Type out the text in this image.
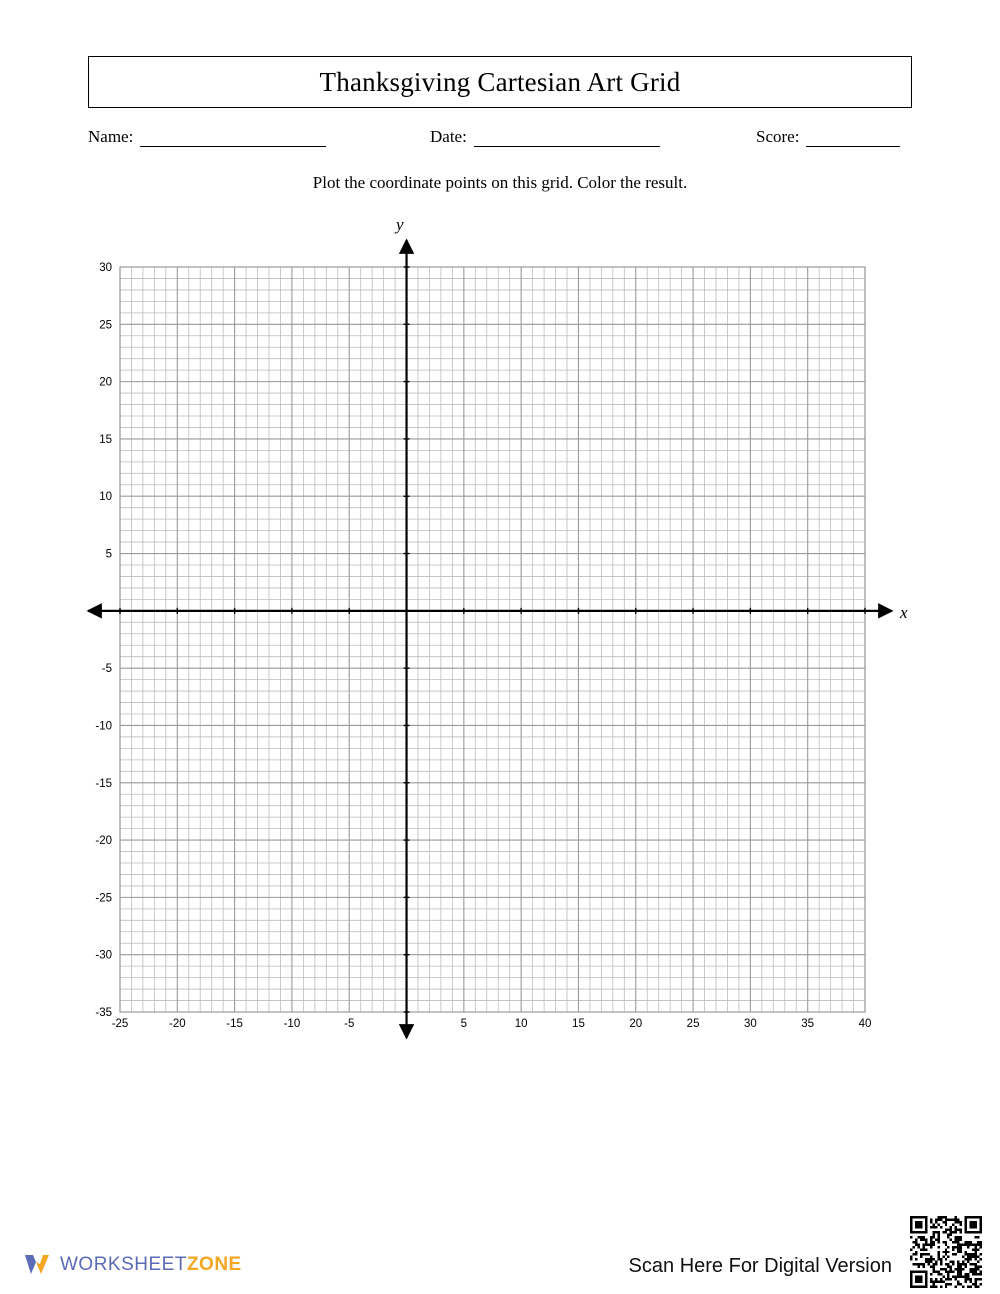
Thanksgiving Cartesian Art Grid
Name:	Date:	Score:
Plot the coordinate points on this grid. Color the result.
y
x
-25	-20	-15	-10	-5	5	10	15	20	25	30	35	40
30
25
20
15
10
5
-5
-10
-15
-20
-25
-30
-35
WORKSHEETZONE	Scan Here For Digital Version
